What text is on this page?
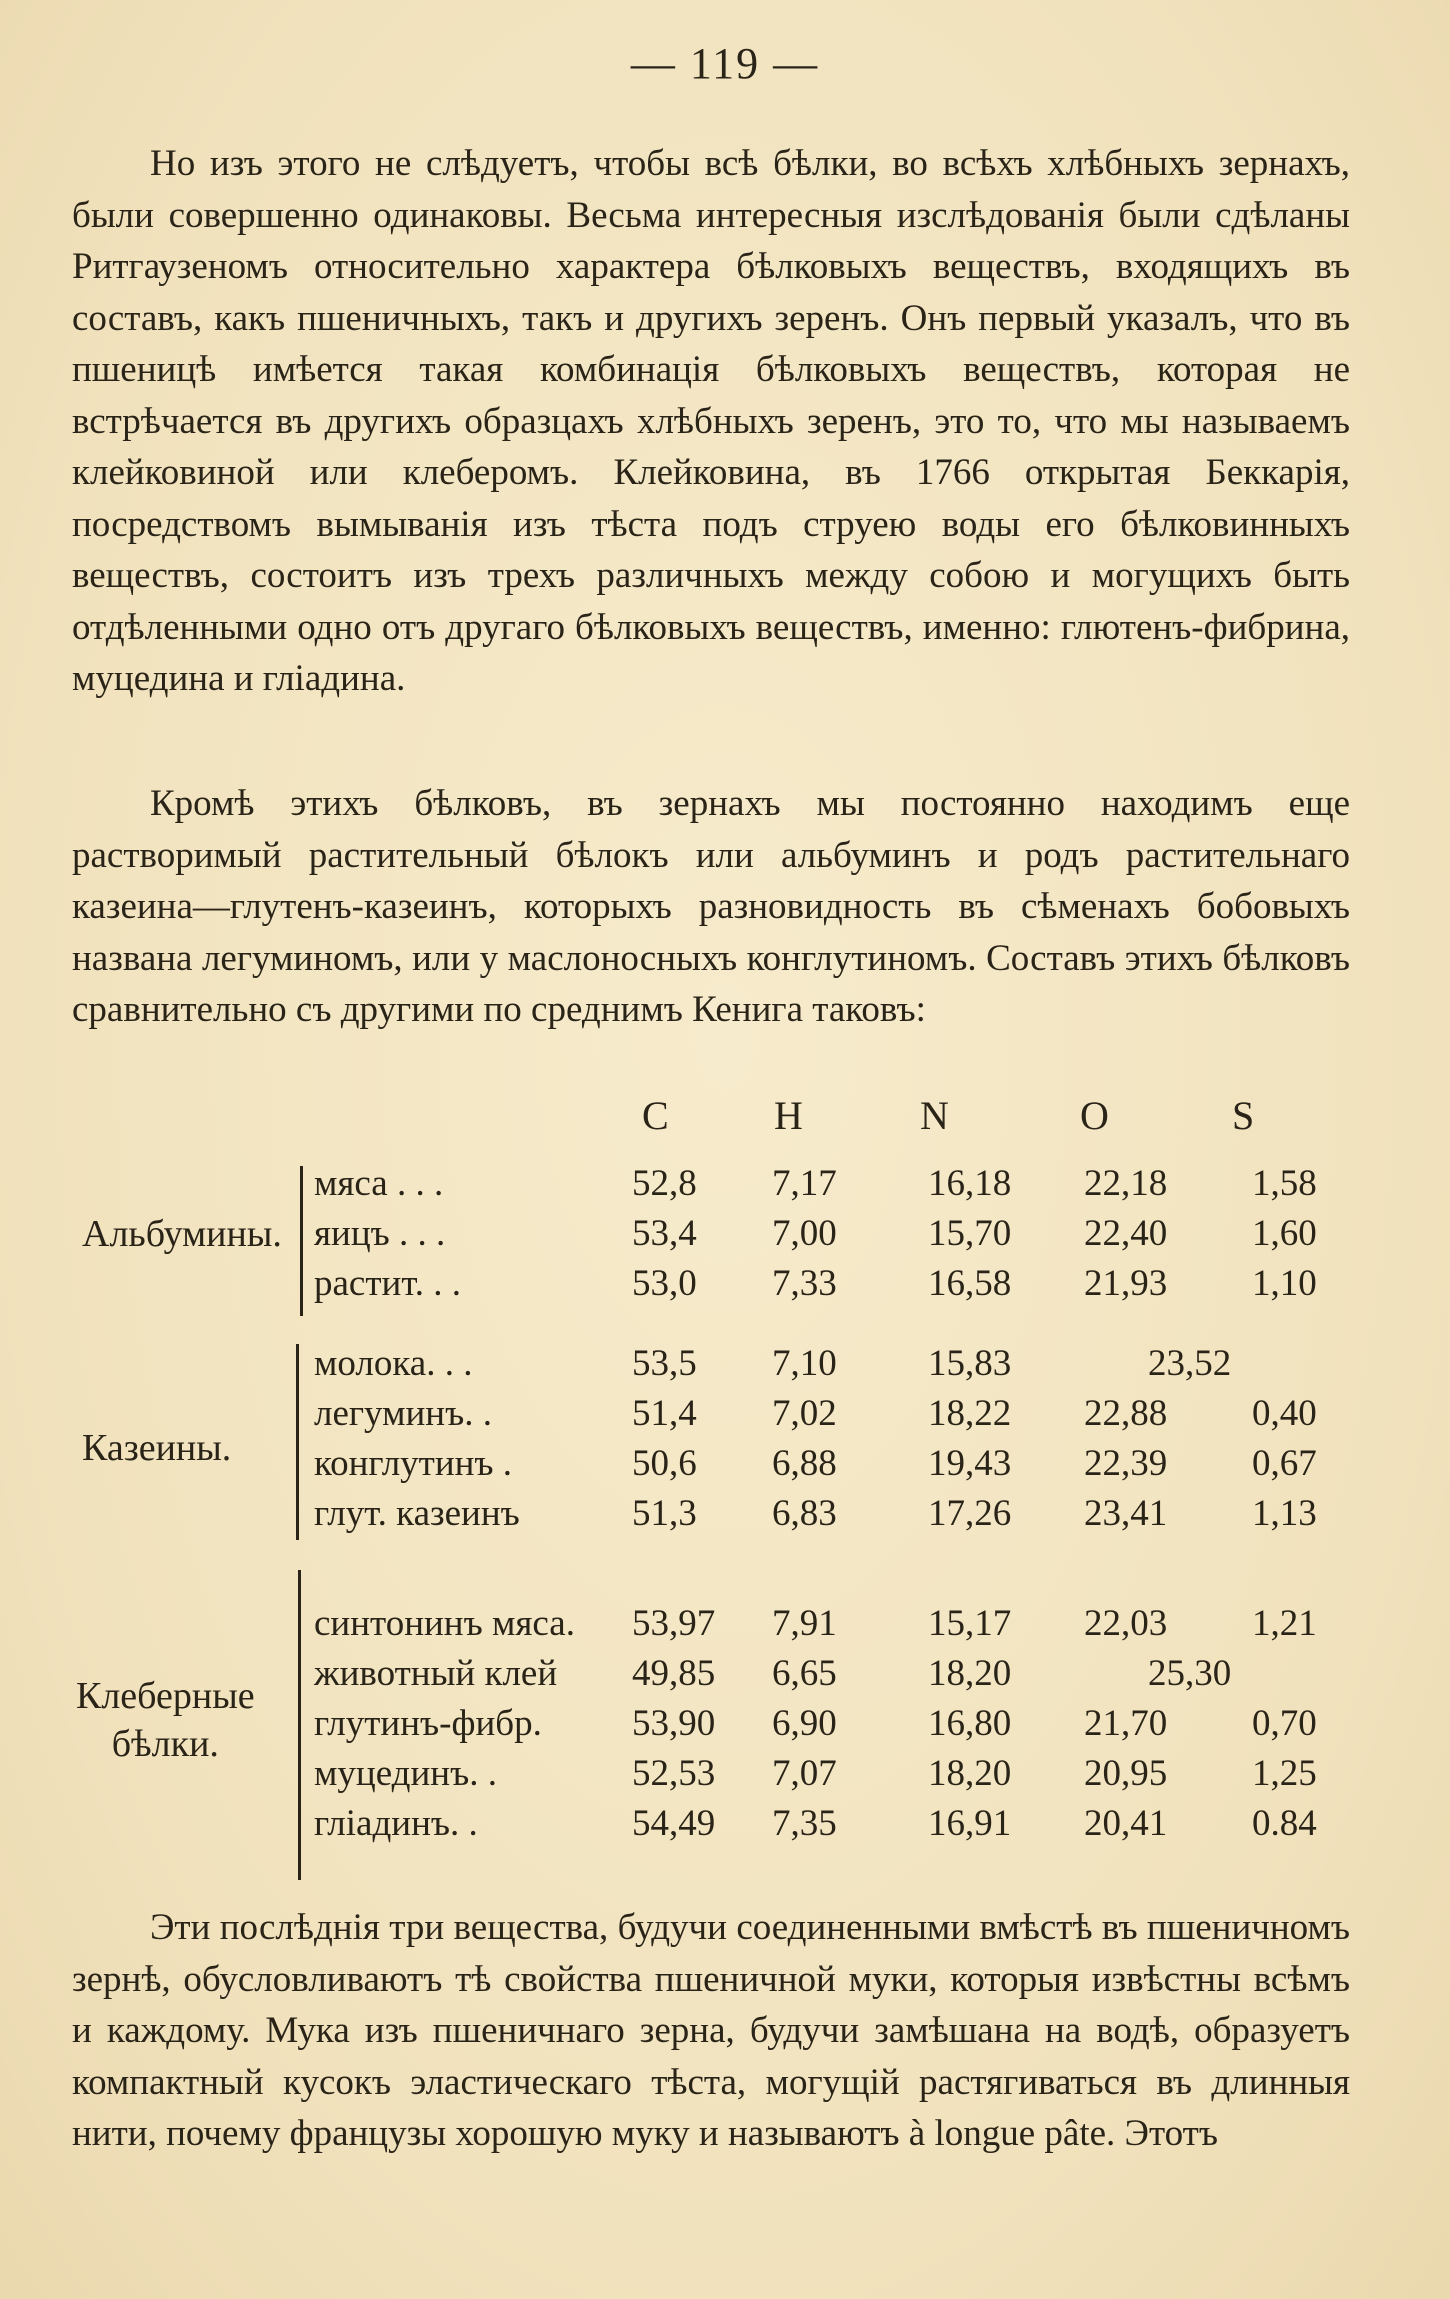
— 119 —

Но изъ этого не слѣдуетъ, чтобы всѣ бѣлки, во всѣхъ хлѣбныхъ зернахъ, были совершенно одинаковы. Весьма интересныя изслѣдованія были сдѣланы Ритгаузеномъ относительно характера бѣлковыхъ веществъ, входящихъ въ составъ, какъ пшеничныхъ, такъ и другихъ зеренъ. Онъ первый указалъ, что въ пшеницѣ имѣется такая комбинація бѣлковыхъ веществъ, которая не встрѣчается въ другихъ образцахъ хлѣбныхъ зеренъ, это то, что мы называемъ клейковиной или клеберомъ. Клейковина, въ 1766 открытая Беккарія, посредствомъ вымыванія изъ тѣста подъ струею воды его бѣлковинныхъ веществъ, состоитъ изъ трехъ различныхъ между собою и могущихъ быть отдѣленными одно отъ другаго бѣлковыхъ веществъ, именно: глютенъ-фибрина, муцедина и гліадина.

Кромѣ этихъ бѣлковъ, въ зернахъ мы постоянно находимъ еще растворимый растительный бѣлокъ или альбуминъ и родъ растительнаго казеина—глутенъ-казеинъ, которыхъ разновидность въ сѣменахъ бобовыхъ названа легуминомъ, или у маслоносныхъ конглутиномъ. Составъ этихъ бѣлковъ сравнительно съ другими по среднимъ Кенига таковъ:

C	H	N	O	S
Альбумины.
мяса . . .	52,8 7,17 16,18 22,18 1,58
яицъ . . .	53,4 7,00 15,70 22,40 1,60
растит. . .	53,0 7,33 16,58 21,93 1,10
Казеины.
молока. . .	53,5 7,10 15,83	23,52
легуминъ. .	51,4 7,02 18,22 22,88 0,40
конглутинъ .	50,6 6,88 19,43 22,39 0,67
глут. казеинъ	51,3 6,83 17,26 23,41 1,13
Клеберные
бѣлки.
синтонинъ мяса. 53,97 7,91 15,17 22,03 1,21
животный клей 49,85 6,65 18,20	25,30
глутинъ-фибр. 53,90 6,90 16,80 21,70 0,70
муцединъ. .	52,53 7,07 18,20 20,95 1,25
гліадинъ. .	54,49 7,35 16,91 20,41 0.84

Эти послѣднія три вещества, будучи соединенными вмѣстѣ въ пшеничномъ зернѣ, обусловливаютъ тѣ свойства пшеничной муки, которыя извѣстны всѣмъ и каждому. Мука изъ пшеничнаго зерна, будучи замѣшана на водѣ, образуетъ компактный кусокъ эластическаго тѣста, могущій растягиваться въ длинныя нити, почему французы хорошую муку и называютъ à longue pâte. Этотъ
